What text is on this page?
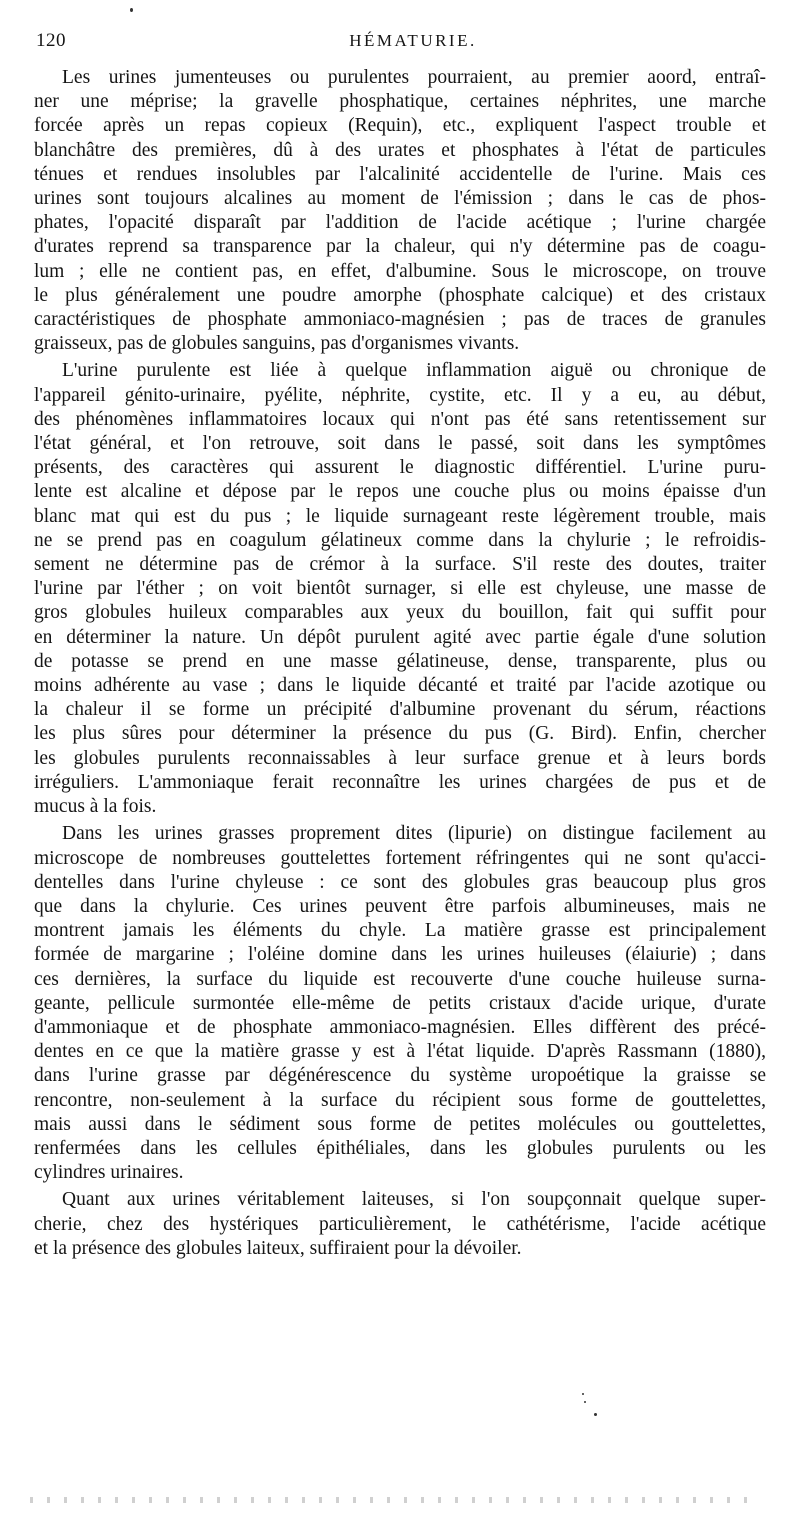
120	HÉMATURIE.

Les urines jumenteuses ou purulentes pourraient, au premier aoord, entraî-
ner une méprise; la gravelle phosphatique, certaines néphrites, une marche
forcée après un repas copieux (Requin), etc., expliquent l'aspect trouble et
blanchâtre des premières, dû à des urates et phosphates à l'état de particules
ténues et rendues insolubles par l'alcalinité accidentelle de l'urine. Mais ces
urines sont toujours alcalines au moment de l'émission ; dans le cas de phos-
phates, l'opacité disparaît par l'addition de l'acide acétique ; l'urine chargée
d'urates reprend sa transparence par la chaleur, qui n'y détermine pas de coagu-
lum ; elle ne contient pas, en effet, d'albumine. Sous le microscope, on trouve
le plus généralement une poudre amorphe (phosphate calcique) et des cristaux
caractéristiques de phosphate ammoniaco-magnésien ; pas de traces de granules
graisseux, pas de globules sanguins, pas d'organismes vivants.

L'urine purulente est liée à quelque inflammation aiguë ou chronique de
l'appareil génito-urinaire, pyélite, néphrite, cystite, etc. Il y a eu, au début,
des phénomènes inflammatoires locaux qui n'ont pas été sans retentissement sur
l'état général, et l'on retrouve, soit dans le passé, soit dans les symptômes
présents, des caractères qui assurent le diagnostic différentiel. L'urine puru-
lente est alcaline et dépose par le repos une couche plus ou moins épaisse d'un
blanc mat qui est du pus ; le liquide surnageant reste légèrement trouble, mais
ne se prend pas en coagulum gélatineux comme dans la chylurie ; le refroidis-
sement ne détermine pas de crémor à la surface. S'il reste des doutes, traiter
l'urine par l'éther ; on voit bientôt surnager, si elle est chyleuse, une masse de
gros globules huileux comparables aux yeux du bouillon, fait qui suffit pour
en déterminer la nature. Un dépôt purulent agité avec partie égale d'une solution
de potasse se prend en une masse gélatineuse, dense, transparente, plus ou
moins adhérente au vase ; dans le liquide décanté et traité par l'acide azotique ou
la chaleur il se forme un précipité d'albumine provenant du sérum, réactions
les plus sûres pour déterminer la présence du pus (G. Bird). Enfin, chercher
les globules purulents reconnaissables à leur surface grenue et à leurs bords
irréguliers. L'ammoniaque ferait reconnaître les urines chargées de pus et de
mucus à la fois.

Dans les urines grasses proprement dites (lipurie) on distingue facilement au
microscope de nombreuses gouttelettes fortement réfringentes qui ne sont qu'acci-
dentelles dans l'urine chyleuse : ce sont des globules gras beaucoup plus gros
que dans la chylurie. Ces urines peuvent être parfois albumineuses, mais ne
montrent jamais les éléments du chyle. La matière grasse est principalement
formée de margarine ; l'oléine domine dans les urines huileuses (élaiurie) ; dans
ces dernières, la surface du liquide est recouverte d'une couche huileuse surna-
geante, pellicule surmontée elle-même de petits cristaux d'acide urique, d'urate
d'ammoniaque et de phosphate ammoniaco-magnésien. Elles diffèrent des précé-
dentes en ce que la matière grasse y est à l'état liquide. D'après Rassmann (1880),
dans l'urine grasse par dégénérescence du système uropoétique la graisse se
rencontre, non-seulement à la surface du récipient sous forme de gouttelettes,
mais aussi dans le sédiment sous forme de petites molécules ou gouttelettes,
renfermées dans les cellules épithéliales, dans les globules purulents ou les
cylindres urinaires.

Quant aux urines véritablement laiteuses, si l'on soupçonnait quelque super-
cherie, chez des hystériques particulièrement, le cathétérisme, l'acide acétique
et la présence des globules laiteux, suffiraient pour la dévoiler.
